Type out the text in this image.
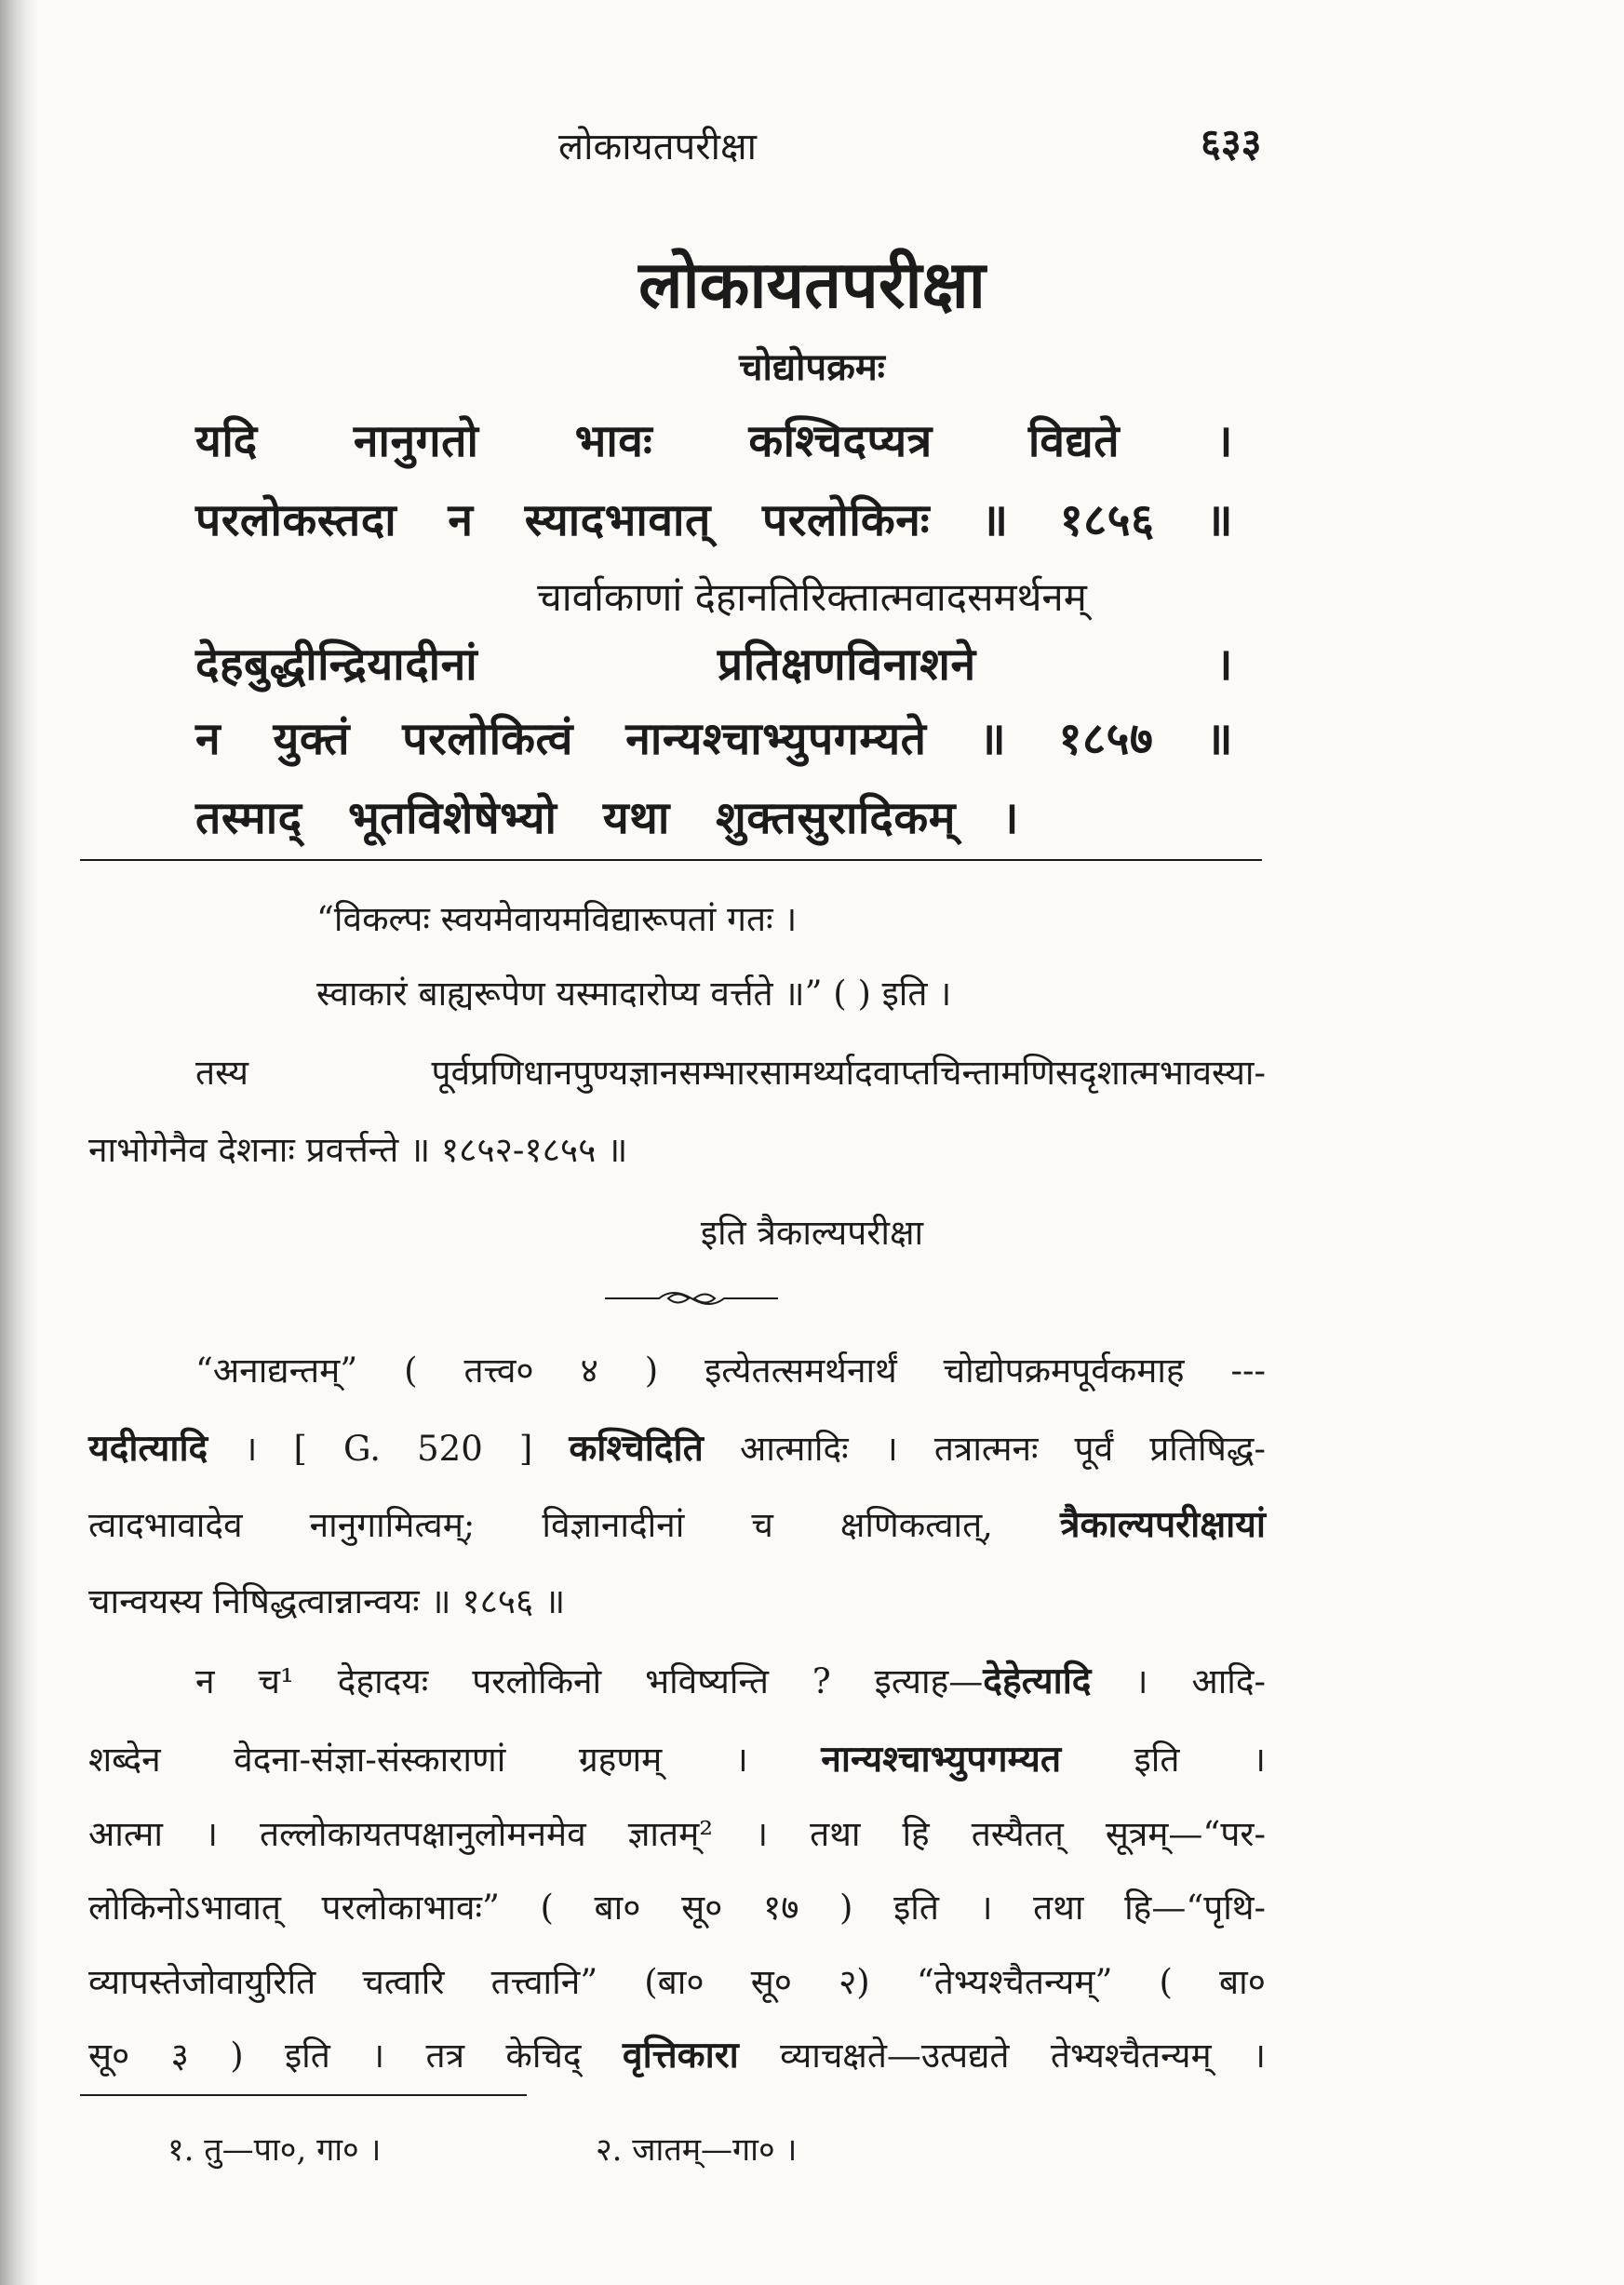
लोकायतपरीक्षा	६३३
लोकायतपरीक्षा
चोद्योपक्रमः
यदि नानुगतो भावः कश्चिदप्यत्र विद्यते ।
परलोकस्तदा न स्यादभावात् परलोकिनः ॥ १८५६ ॥
चार्वाकाणां देहानतिरिक्तात्मवादसमर्थनम्
देहबुद्धीन्द्रियादीनां प्रतिक्षणविनाशने ।
न युक्तं परलोकित्वं नान्यश्चाभ्युपगम्यते ॥ १८५७ ॥
तस्माद् भूतविशेषेभ्यो यथा शुक्तसुरादिकम् ।
“विकल्पः स्वयमेवायमविद्यारूपतां गतः ।
स्वाकारं बाह्यरूपेण यस्मादारोप्य वर्त्तते ॥” ( ) इति ।
तस्य पूर्वप्रणिधानपुण्यज्ञानसम्भारसामर्थ्यादवाप्तचिन्तामणिसदृशात्मभावस्या-
नाभोगेनैव देशनाः प्रवर्त्तन्ते ॥ १८५२-१८५५ ॥
इति त्रैकाल्यपरीक्षा
“अनाद्यन्तम्” ( तत्त्व० ४ ) इत्येतत्समर्थनार्थं चोद्योपक्रमपूर्वकमाह ---
यदीत्यादि । [ G. 520 ] कश्चिदिति आत्मादिः । तत्रात्मनः पूर्वं प्रतिषिद्ध-
त्वादभावादेव नानुगामित्वम्; विज्ञानादीनां च क्षणिकत्वात्, त्रैकाल्यपरीक्षायां
चान्वयस्य निषिद्धत्वान्नान्वयः ॥ १८५६ ॥
न च¹ देहादयः परलोकिनो भविष्यन्ति ? इत्याह—देहेत्यादि । आदि-
शब्देन वेदना-संज्ञा-संस्काराणां ग्रहणम् । नान्यश्चाभ्युपगम्यत इति ।
आत्मा । तल्लोकायतपक्षानुलोमनमेव ज्ञातम्² । तथा हि तस्यैतत् सूत्रम्—“पर-
लोकिनोऽभावात् परलोकाभावः” ( बा० सू० १७ ) इति । तथा हि—“पृथि-
व्यापस्तेजोवायुरिति चत्वारि तत्त्वानि” (बा० सू० २) “तेभ्यश्चैतन्यम्” ( बा०
सू० ३ ) इति । तत्र केचिद् वृत्तिकारा व्याचक्षते—उत्पद्यते तेभ्यश्चैतन्यम् ।
१. तु—पा०, गा० ।	२. जातम्—गा० ।
